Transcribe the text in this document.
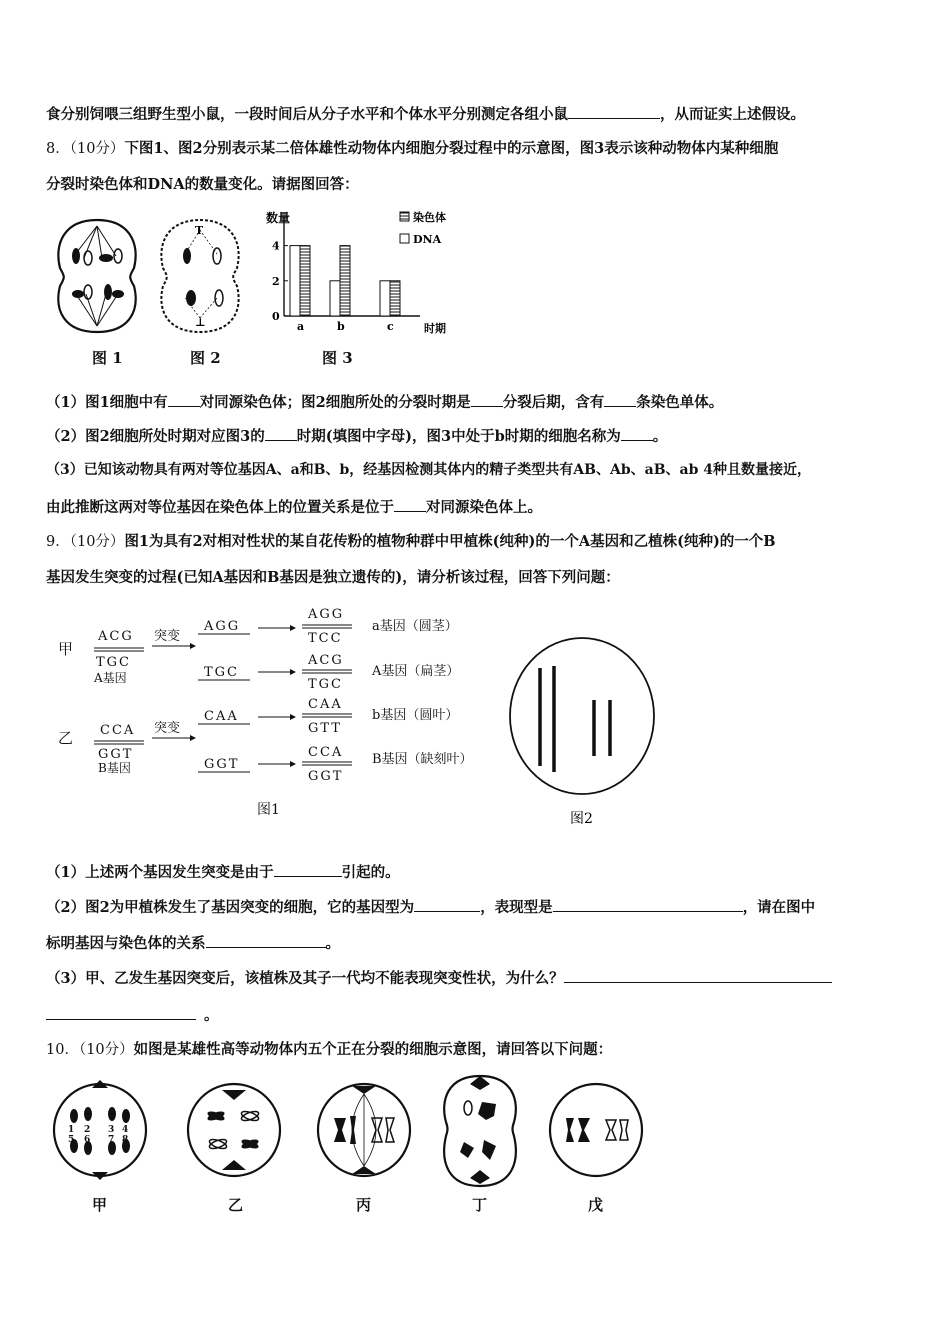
食分别饲喂三组野生型小鼠，一段时间后从分子水平和个体水平分别测定各组小鼠	，从而证实上述假设。
8．（10分）下图1、图2分别表示某二倍体雄性动物体内细胞分裂过程中的示意图，图3表示该种动物体内某种细胞
分裂时染色体和DNA的数量变化。请据图回答：
图 1
T
⊥
图 2
数量
时期
染色体
DNA
0
2
4
a	b	c
图 3
（1）图1细胞中有 对同源染色体；图2细胞所处的分裂时期是 分裂后期，含有 条染色单体。
（2）图2细胞所处时期对应图3的 时期(填图中字母)，图3中处于b时期的细胞名称为 。
（3）已知该动物具有两对等位基因A、a和B、b，经基因检测其体内的精子类型共有AB、Ab、aB、ab 4种且数量接近，
由此推断这两对等位基因在染色体上的位置关系是位于 对同源染色体上。
9．（10分）图1为具有2对相对性状的某自花传粉的植物种群中甲植株(纯种)的一个A基因和乙植株(纯种)的一个B
基因发生突变的过程(已知A基因和B基因是独立遗传的)，请分析该过程，回答下列问题：
甲
乙
ACG
TGC
A基因
突变
CCA
GGT
B基因
突变
AGG
AGG
TCC
a基因（圆茎）
TGC
ACG
TGC
A基因（扁茎）
CAA
CAA
GTT
b基因（圆叶）
GGT
CCA
GGT
B基因（缺刻叶）
图1
图2
（1）上述两个基因发生突变是由于	引起的。
（2）图2为甲植株发生了基因突变的细胞，它的基因型为	，表现型是	，请在图中
标明基因与染色体的关系	。
（3）甲、乙发生基因突变后，该植株及其子一代均不能表现突变性状，为什么？
。
10．（10分）如图是某雄性高等动物体内五个正在分裂的细胞示意图，请回答以下问题：
1
5
2
6
3
7
4
8
甲	乙	丙	丁	戊
